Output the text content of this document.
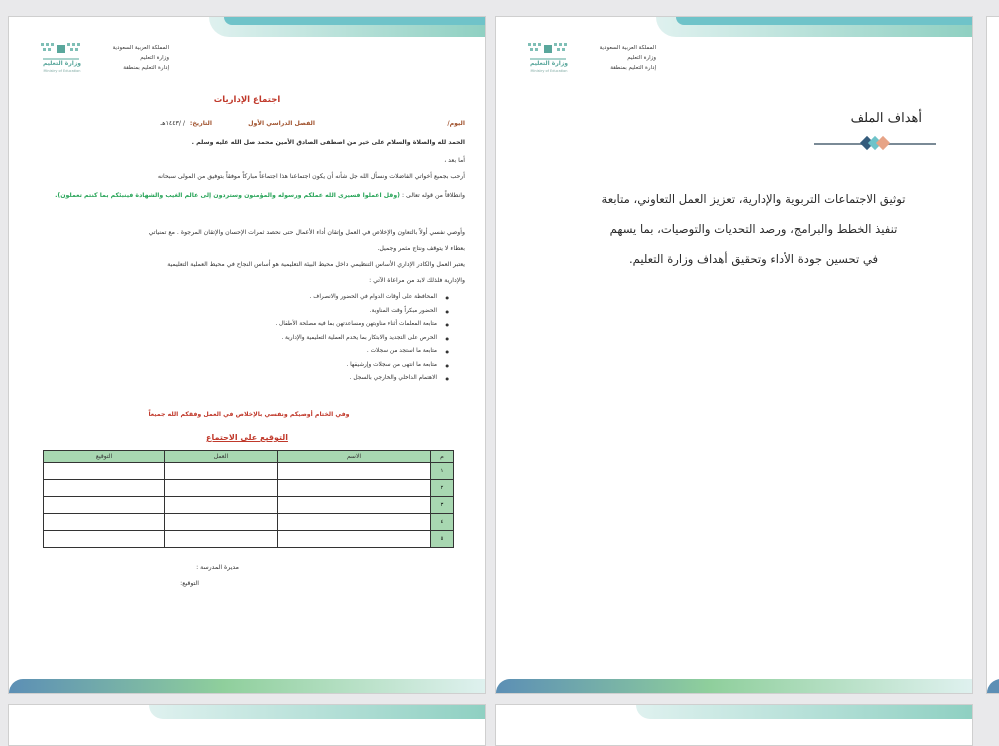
وزارة التعليم
Ministry of Education
المملكة العربية السعودية
وزارة التعليم
إدارة التعليم بمنطقة
اجتماع الإداريات
اليوم/
الفصل الدراسي الأول
التاريخ:
/ /١٤٤٣هـ
الحمد لله والصلاة والسلام على خير من اصطفى الصادق الأمين محمد صل الله عليه وسلم .
أما بعد ،
أرحب بجميع أخواتي الفاضلات ونسأل الله جل شأنه أن يكون اجتماعنا هذا اجتماعاً مباركاً موفقاً بتوفيق من المولى سبحانه
وانطلاقاً من قوله تعالى : (وقل اعملوا فسيرى الله عملكم ورسوله والمؤمنون وستردون إلى عالم الغيب والشهادة فينبئكم بما كنتم تعملون).
وأوصي نفسي أولاً بالتعاون والإخلاص في العمل وإتقان أداء الأعمال حتى نحصد ثمرات الإحسان والإتقان المرجوة . مع تمنياتي
بعطاء لا يتوقف ونتاج مثمر وجميل.
يعتبر العمل والكادر الإداري الأساس التنظيمي داخل محيط البيئة التعليمية هو أساس النجاح في محيط العملية التعليمية
والإدارية فلذلك لابد من مراعاة الآتي :
● المحافظة على أوقات الدوام في الحضور والانصراف .
● الحضور مبكراً وقت المناوبة.
● متابعة المعلمات أثناء مناوبتهن ومساعدتهن بما فيه مصلحة الأطفال .
● الحرص على التجديد والابتكار بما يخدم العملية التعليمية والإدارية .
● متابعة ما استجد من سجلات .
● متابعة ما انتهى من سجلات وإرشيفها .
● الاهتمام الداخلي والخارجي بالسجل .
وفي الختام أوصيكم ونفسي بالإخلاص في العمل وفقكم الله جميعاً
التوقيع على الاجتماع
م	الاسم	العمل	التوقيع
١			
٢			
٣			
٤			
٥			
مديرة المدرسة :
التوقيع:
وزارة التعليم
Ministry of Education
المملكة العربية السعودية
وزارة التعليم
إدارة التعليم بمنطقة
أهداف الملف
توثيق الاجتماعات التربوية والإدارية، تعزيز العمل التعاوني، متابعة تنفيذ الخطط والبرامج، ورصد التحديات والتوصيات، بما يسهم في تحسين جودة الأداء وتحقيق أهداف وزارة التعليم.
